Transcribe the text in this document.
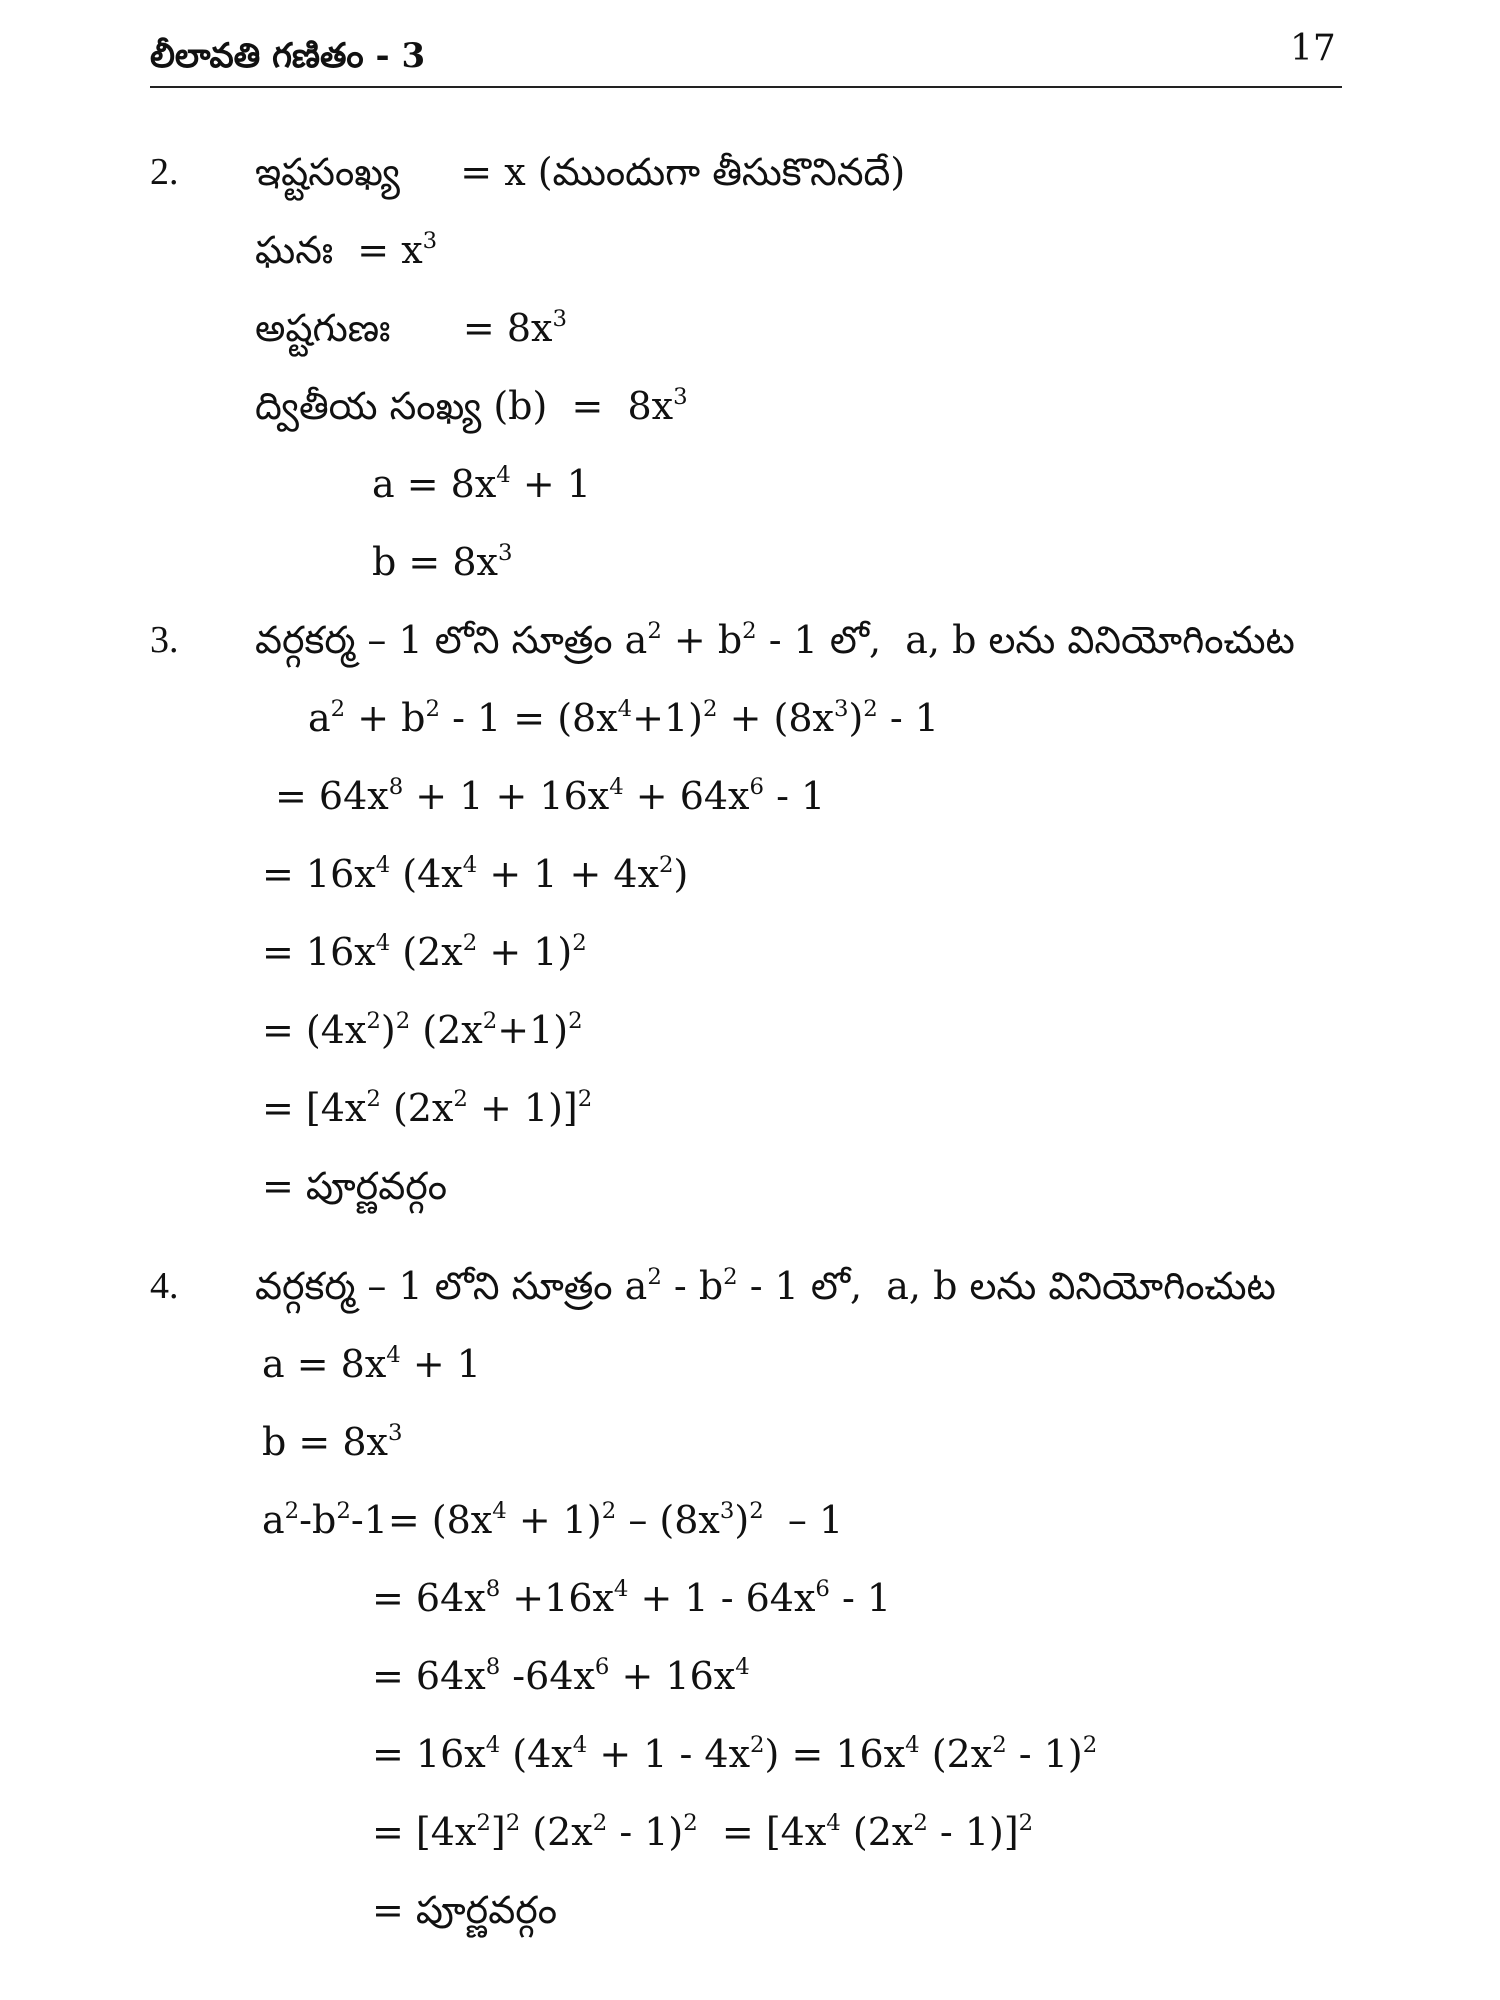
లీలావతి గణితం - 3	17
2. ఇష్టసంఖ్య     = x (ముందుగా తీసుకొనినదే)
ఘనః  = $x^3$
అష్టగుణః      = $8x^3$
ద్వితీయ సంఖ్య $(b) = 8x^3$
$a = 8x^4 + 1$
$b = 8x^3$
3. వర్గకర్మ – 1 లోని సూత్రం $a^2 + b^2 - 1$ లో,  a, b లను వినియోగించుట
$a^2 + b^2 - 1 = (8x^4+1)^2 + (8x^3)^2 - 1$
= $64x^8 + 1 + 16x^4 + 64x^6 - 1$
= $16x^4$ $(4x^4 + 1 + 4x^2)$
= $16x^4$ $(2x^2 + 1)^2$
= $(4x^2)^2$ $(2x^2+1)^2$
= [$4x^2$ $(2x^2 + 1)]^2$
= పూర్ణవర్గం
4. వర్గకర్మ – 1 లోని సూత్రం $a^2 - b^2 - 1$ లో,  a, b లను వినియోగించుట
$a = 8x^4 + 1$
$b = 8x^3$
$a^2-b^2-1= (8x^4 + 1)^2 - (8x^3)^2 - 1$
= $64x^8 +16x^4 + 1 - 64x^6 - 1$
= $64x^8$ $-64x^6 + 16x^4$
= $16x^4$ $(4x^4 + 1 - 4x^2) = 16x^4$ $(2x^2 - 1)^2$
= $[4x^2]^2$ $(2x^2 - 1)^2 = [4x^4$ $(2x^2 - 1)]^2$
= పూర్ణవర్గం
